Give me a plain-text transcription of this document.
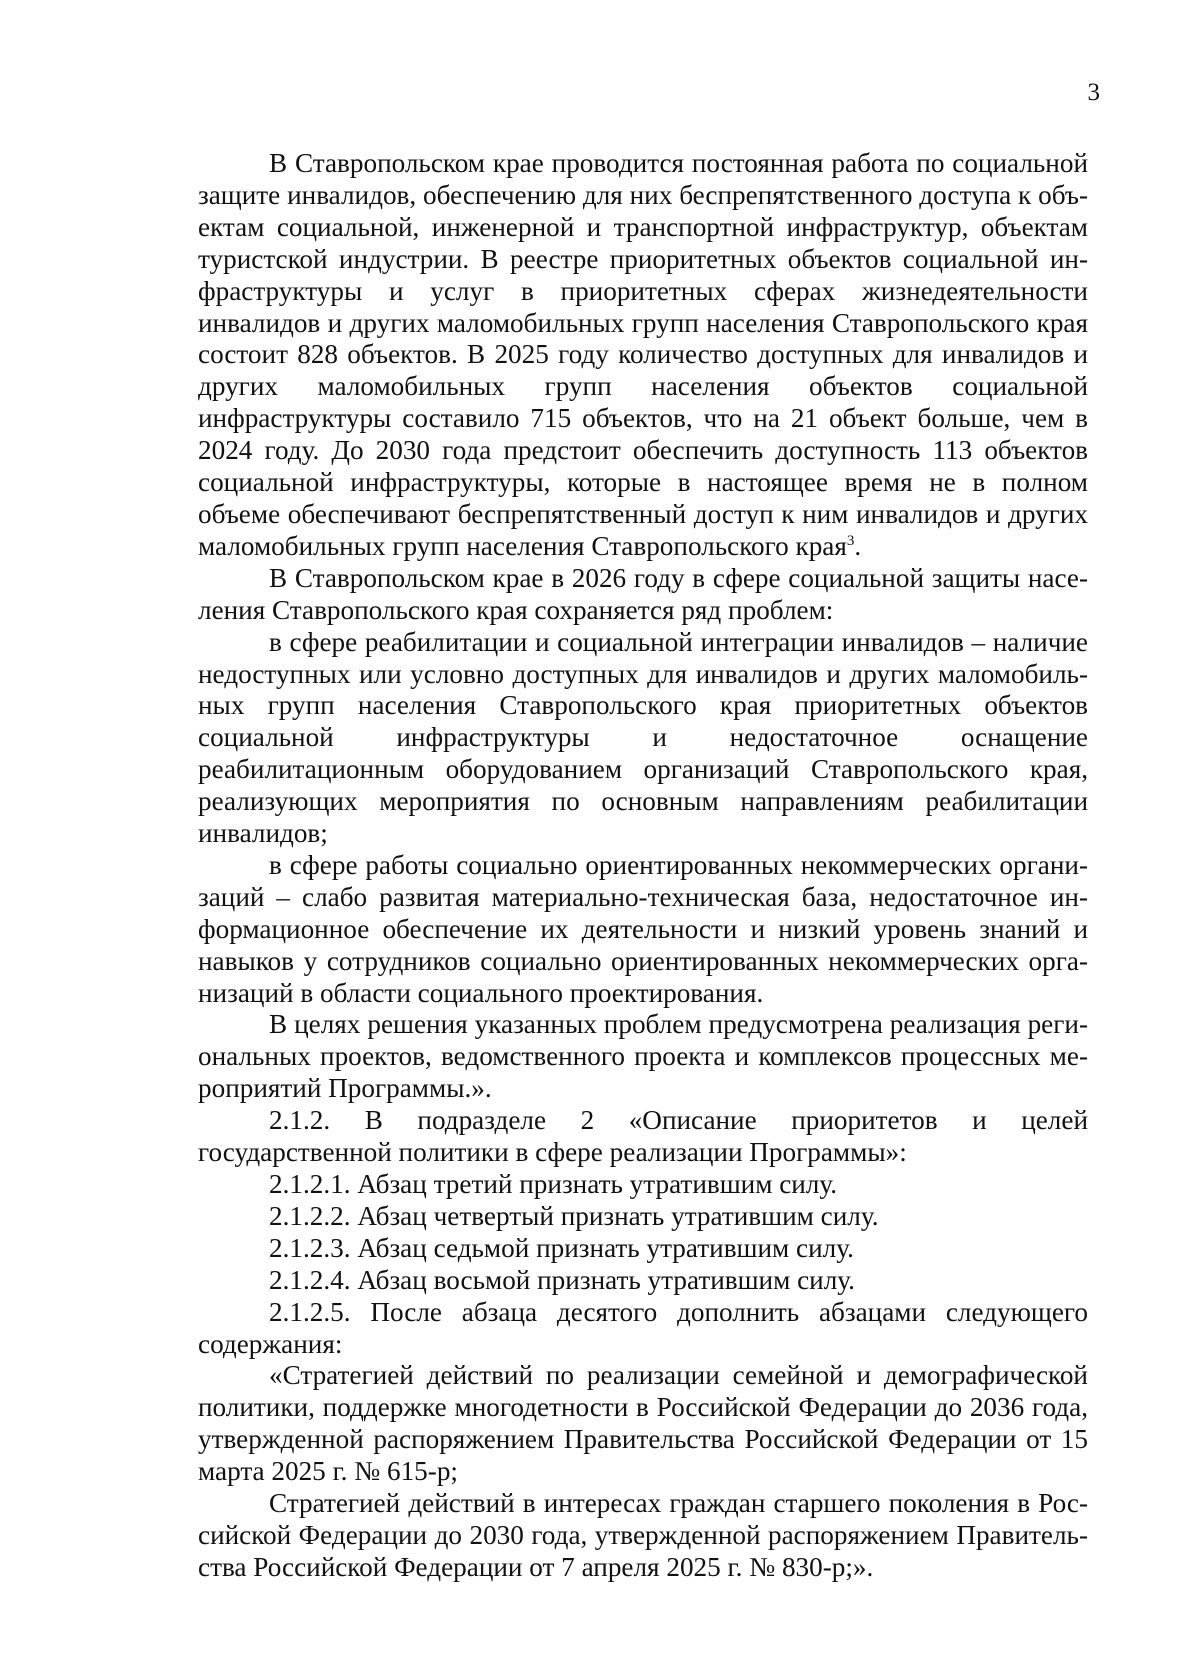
3

В Ставропольском крае проводится постоянная работа по социальной защите инвалидов, обеспечению для них беспрепятственного доступа к объектам социальной, инженерной и транспортной инфраструктур, объектам туристской индустрии. В реестре приоритетных объектов социальной инфраструктуры и услуг в приоритетных сферах жизнедеятельности инвалидов и других маломобильных групп населения Ставропольского края состоит 828 объектов. В 2025 году количество доступных для инвалидов и других маломобильных групп населения объектов социальной инфраструктуры составило 715 объектов, что на 21 объект больше, чем в 2024 году. До 2030 года предстоит обеспечить доступность 113 объектов социальной инфраструктуры, которые в настоящее время не в полном объеме обеспечивают беспрепятственный доступ к ним инвалидов и других маломобильных групп населения Ставропольского края$^3$.

В Ставропольском крае в 2026 году в сфере социальной защиты населения Ставропольского края сохраняется ряд проблем:

в сфере реабилитации и социальной интеграции инвалидов – наличие недоступных или условно доступных для инвалидов и других маломобильных групп населения Ставропольского края приоритетных объектов социальной инфраструктуры и недостаточное оснащение реабилитационным оборудованием организаций Ставропольского края, реализующих мероприятия по основным направлениям реабилитации инвалидов;

в сфере работы социально ориентированных некоммерческих организаций – слабо развитая материально-техническая база, недостаточное информационное обеспечение их деятельности и низкий уровень знаний и навыков у сотрудников социально ориентированных некоммерческих организаций в области социального проектирования.

В целях решения указанных проблем предусмотрена реализация региональных проектов, ведомственного проекта и комплексов процессных мероприятий Программы.».

2.1.2. В подразделе 2 «Описание приоритетов и целей государственной политики в сфере реализации Программы»:

2.1.2.1. Абзац третий признать утратившим силу.

2.1.2.2. Абзац четвертый признать утратившим силу.

2.1.2.3. Абзац седьмой признать утратившим силу.

2.1.2.4. Абзац восьмой признать утратившим силу.

2.1.2.5. После абзаца десятого дополнить абзацами следующего содержания:

«Стратегией действий по реализации семейной и демографической политики, поддержке многодетности в Российской Федерации до 2036 года, утвержденной распоряжением Правительства Российской Федерации от 15 марта 2025 г. № 615-р;

Стратегией действий в интересах граждан старшего поколения в Российской Федерации до 2030 года, утвержденной распоряжением Правительства Российской Федерации от 7 апреля 2025 г. № 830-р;».
